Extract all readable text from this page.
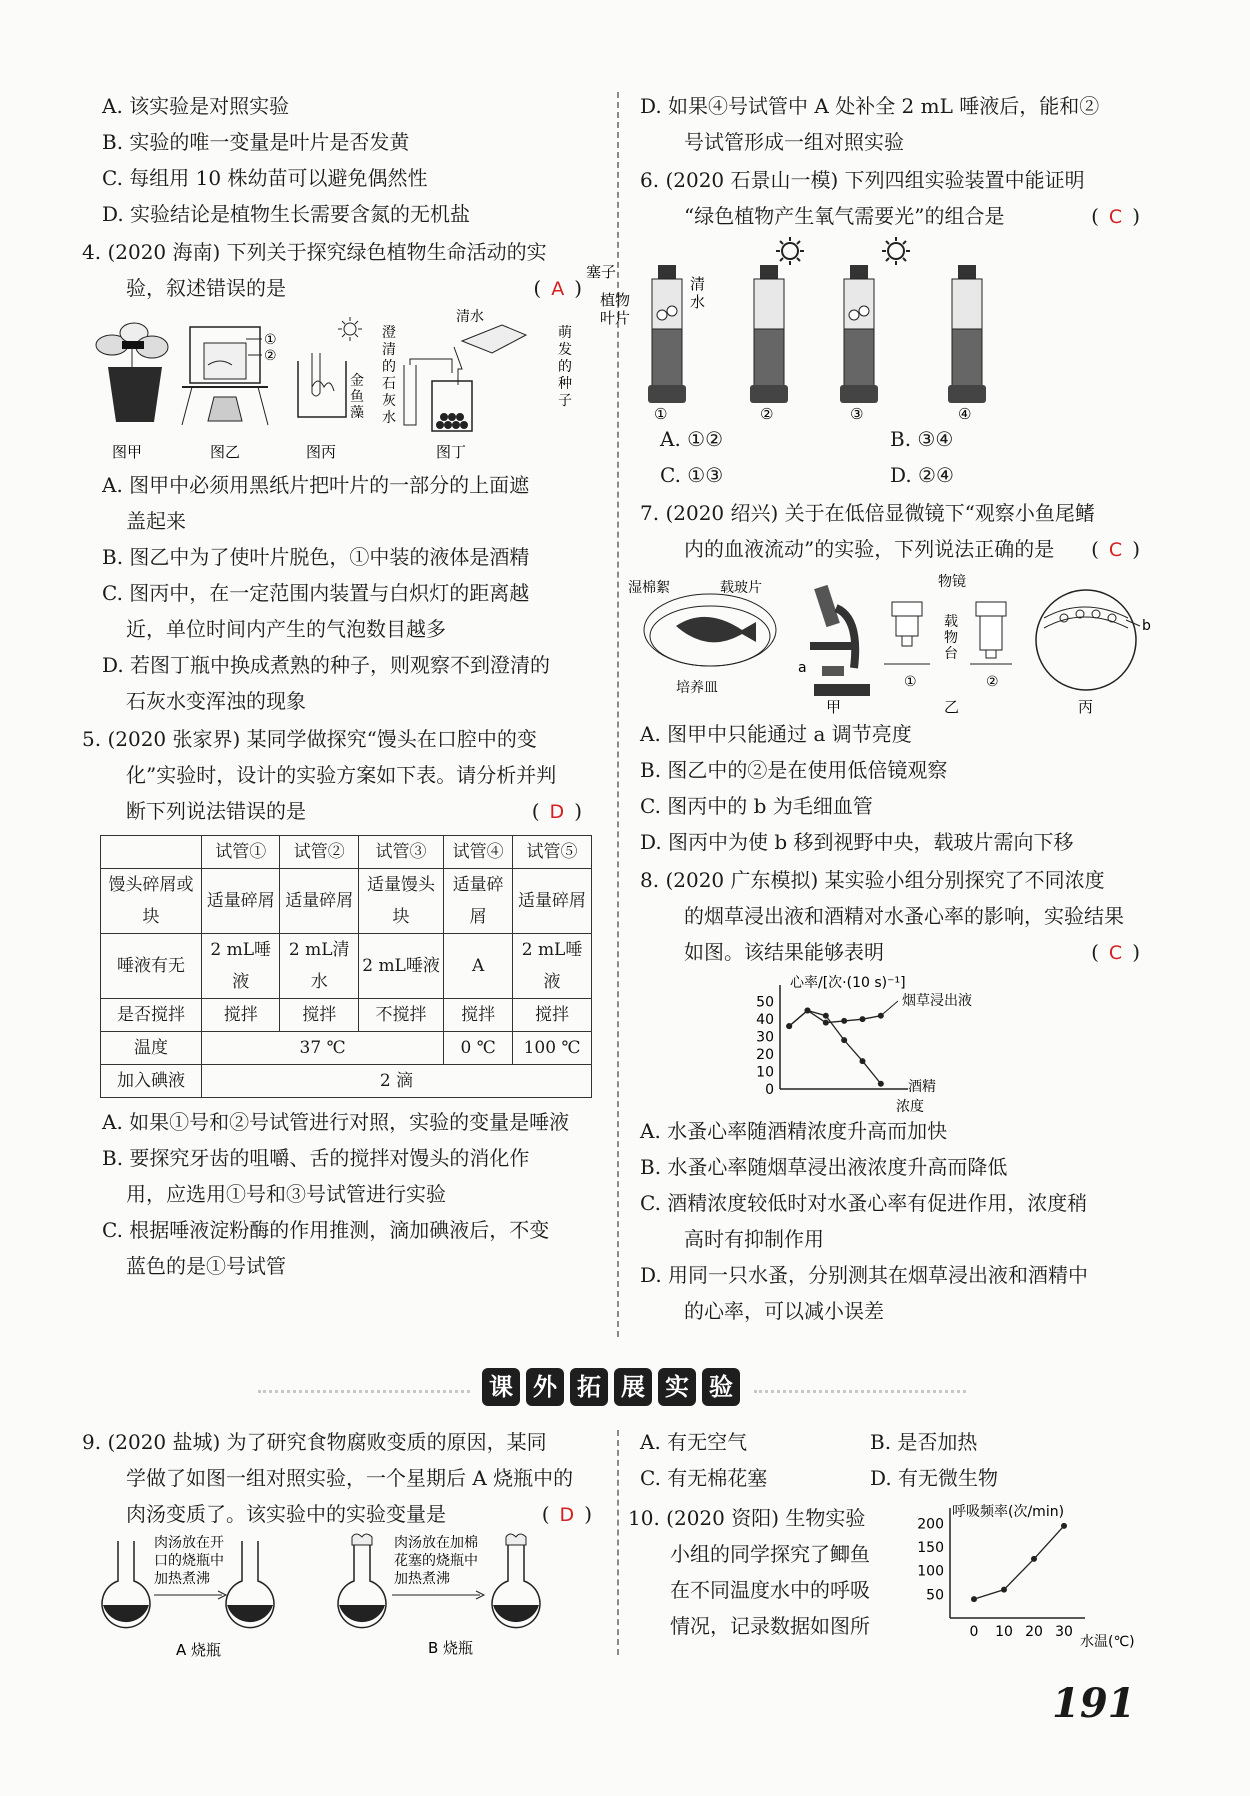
A. 该实验是对照实验
B. 实验的唯一变量是叶片是否发黄
C. 每组用 10 株幼苗可以避免偶然性
D. 实验结论是植物生长需要含氮的无机盐
4. (2020 海南) 下列关于探究绿色植物生命活动的实
验，叙述错误的是	(A)
①
②
金鱼藻
清水
澄清的石灰水
萌发的种子
图甲	图乙	图丙	图丁
A. 图甲中必须用黑纸片把叶片的一部分的上面遮
盖起来
B. 图乙中为了使叶片脱色，①中装的液体是酒精
C. 图丙中，在一定范围内装置与白炽灯的距离越
近，单位时间内产生的气泡数目越多
D. 若图丁瓶中换成煮熟的种子，则观察不到澄清的
石灰水变浑浊的现象
5. (2020 张家界) 某同学做探究“馒头在口腔中的变
化”实验时，设计的实验方案如下表。请分析并判
断下列说法错误的是	(D)
	试管①	试管②	试管③	试管④	试管⑤
馒头碎屑或块	适量碎屑	适量碎屑	适量馒头块	适量碎屑	适量碎屑
唾液有无	2 mL唾液	2 mL清水	2 mL唾液	A	2 mL唾液
是否搅拌	搅拌	搅拌	不搅拌	搅拌	搅拌
温度	37 ℃			0 ℃	100 ℃
加入碘液	2 滴				
A. 如果①号和②号试管进行对照，实验的变量是唾液
B. 要探究牙齿的咀嚼、舌的搅拌对馒头的消化作
用，应选用①号和③号试管进行实验
C. 根据唾液淀粉酶的作用推测，滴加碘液后，不变
蓝色的是①号试管
D. 如果④号试管中 A 处补全 2 mL 唾液后，能和②
号试管形成一组对照实验
6. (2020 石景山一模) 下列四组实验装置中能证明
“绿色植物产生氧气需要光”的组合是	(C)
塞子
植物叶片
清水
①	②	③	④
A. ①②	B. ③④
C. ①③	D. ②④
7. (2020 绍兴) 关于在低倍显微镜下“观察小鱼尾鳍
内的血液流动”的实验，下列说法正确的是 (C)
湿棉絮	载玻片
培养皿
a
物镜
载物台
b
①	②
甲	乙	丙
A. 图甲中只能通过 a 调节亮度
B. 图乙中的②是在使用低倍镜观察
C. 图丙中的 b 为毛细血管
D. 图丙中为使 b 移到视野中央，载玻片需向下移
8. (2020 广东模拟) 某实验小组分别探究了不同浓度
的烟草浸出液和酒精对水蚤心率的影响，实验结果
如图。该结果能够表明	(C)
0
10
20
30
40
50
心率/[次·(10 s)⁻¹]
浓度
烟草浸出液
酒精
A. 水蚤心率随酒精浓度升高而加快
B. 水蚤心率随烟草浸出液浓度升高而降低
C. 酒精浓度较低时对水蚤心率有促进作用，浓度稍
高时有抑制作用
D. 用同一只水蚤，分别测其在烟草浸出液和酒精中
的心率，可以减小误差
课 外 拓 展 实 验
9. (2020 盐城) 为了研究食物腐败变质的原因，某同
学做了如图一组对照实验，一个星期后 A 烧瓶中的
肉汤变质了。该实验中的实验变量是	(D)
肉汤放在开
口的烧瓶中
加热煮沸
肉汤放在加棉
花塞的烧瓶中
加热煮沸
A 烧瓶	B 烧瓶
A. 有无空气	B. 是否加热
C. 有无棉花塞	D. 有无微生物
10. (2020 资阳) 生物实验
小组的同学探究了鲫鱼
在不同温度水中的呼吸
情况，记录数据如图所
50
100
150
200
0 10 20 30
呼吸频率(次/min)
水温(℃)
191
